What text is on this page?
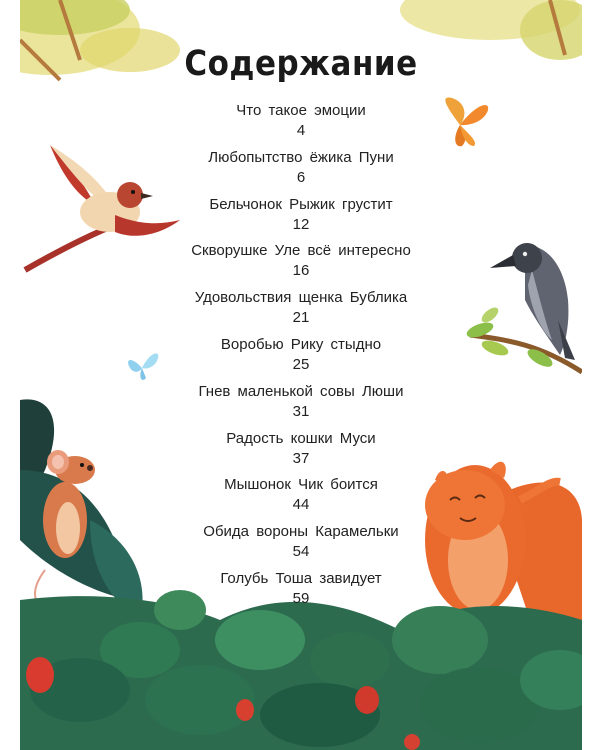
Содержание
Что такое эмоции
4
Любопытство ёжика Пуни
6
Бельчонок Рыжик грустит
12
Скворушке Уле всё интересно
16
Удовольствия щенка Бублика
21
Воробью Рику стыдно
25
Гнев маленькой совы Люши
31
Радость кошки Муси
37
Мышонок Чик боится
44
Обида вороны Карамельки
54
Голубь Тоша завидует
59
